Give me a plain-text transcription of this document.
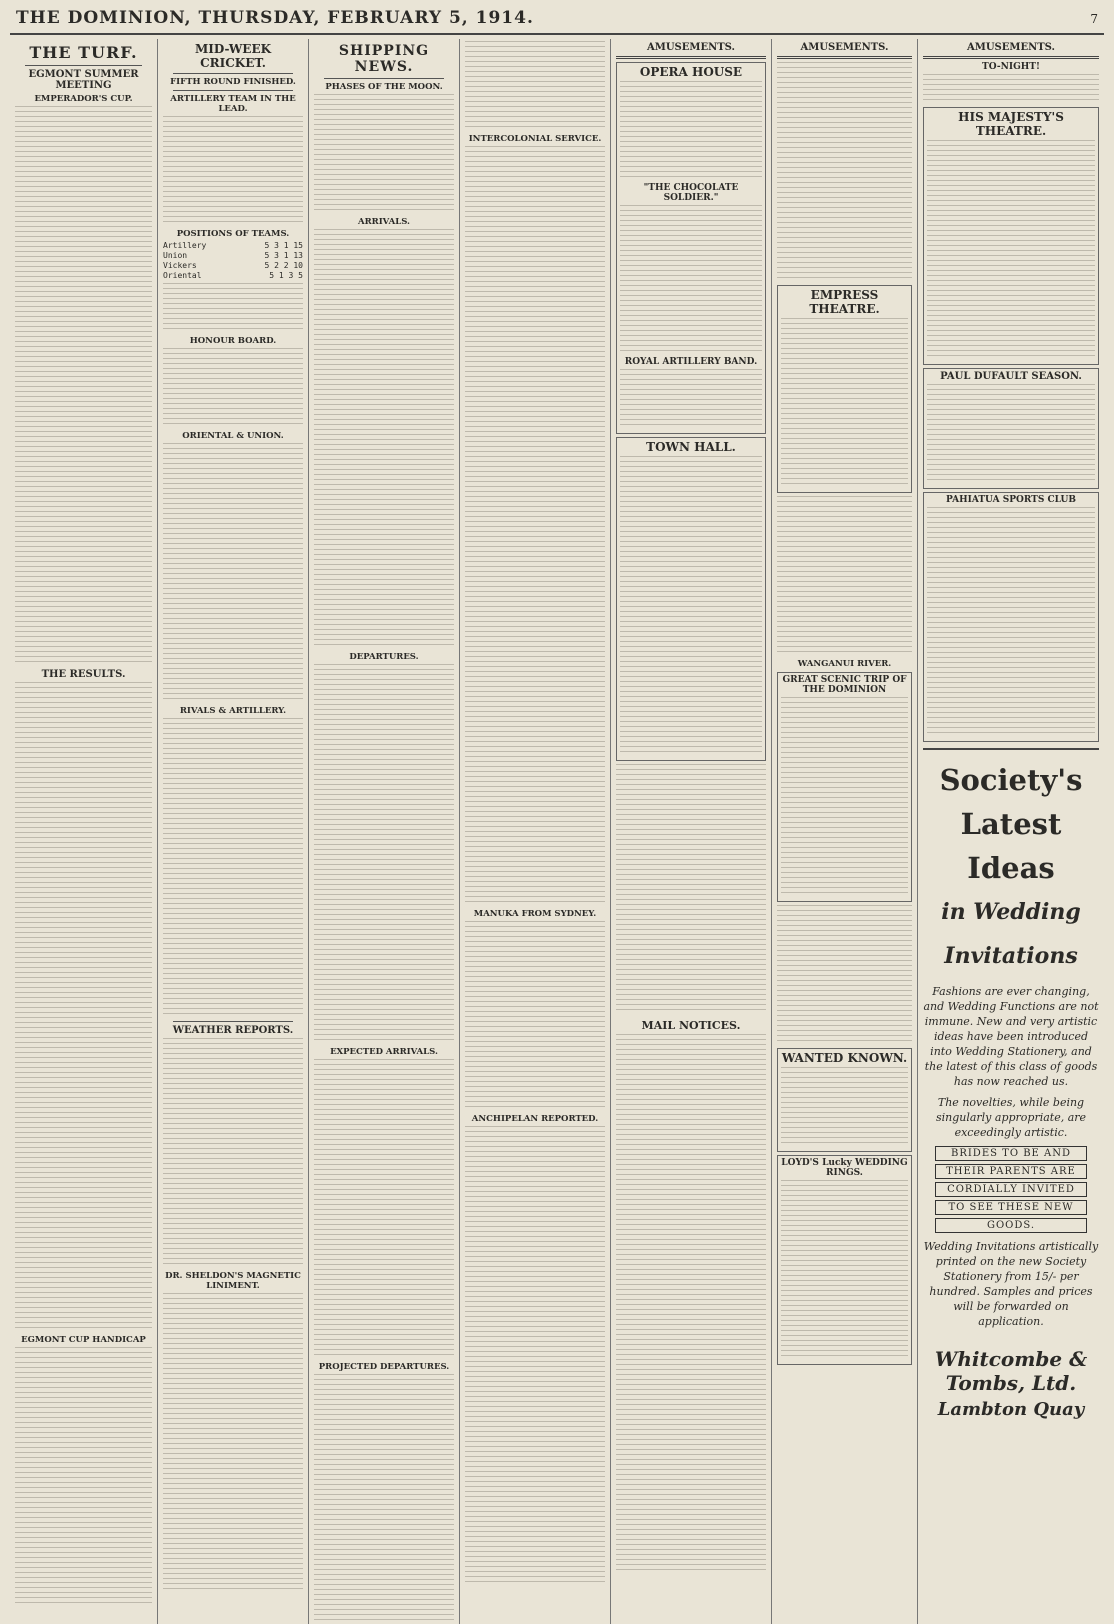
THE DOMINION, THURSDAY, FEBRUARY 5, 1914.	7
THE TURF.
EGMONT SUMMER MEETING
EMPERADOR'S CUP.
THE RESULTS.
EGMONT CUP HANDICAP
MID-WEEK CRICKET.
FIFTH ROUND FINISHED.
ARTILLERY TEAM IN THE LEAD.
POSITIONS OF TEAMS.
Artillery	5 3 1 15
Union	5 3 1 13
Vickers	5 2 2 10
Oriental	5 1 3 5
HONOUR BOARD.
ORIENTAL & UNION.
RIVALS & ARTILLERY.
WEATHER REPORTS.
DR. SHELDON'S MAGNETIC LINIMENT.
SHIPPING NEWS.
PHASES OF THE MOON.
ARRIVALS.
DEPARTURES.
EXPECTED ARRIVALS.
PROJECTED DEPARTURES.
INTERCOLONIAL SERVICE.
MANUKA FROM SYDNEY.
ANCHIPELAN REPORTED.
AMUSEMENTS.
OPERA HOUSE
"THE CHOCOLATE SOLDIER."
ROYAL ARTILLERY BAND.
TOWN HALL.
MAIL NOTICES.
AMUSEMENTS.
EMPRESS THEATRE.
WANGANUI RIVER.
GREAT SCENIC TRIP OF THE DOMINION
WANTED KNOWN.
LOYD'S Lucky WEDDING RINGS.
AMUSEMENTS.
TO-NIGHT!
HIS MAJESTY'S THEATRE.
PAUL DUFAULT SEASON.
PAHIATUA SPORTS CLUB
Society's Latest Ideas
in Wedding Invitations
Fashions are ever changing, and Wedding Functions are not immune. New and very artistic ideas have been introduced into Wedding Stationery, and the latest of this class of goods has now reached us.
The novelties, while being singularly appropriate, are exceedingly artistic.
BRIDES TO BE AND
THEIR PARENTS ARE
CORDIALLY INVITED
TO SEE THESE NEW
GOODS.
Wedding Invitations artistically printed on the new Society Stationery from 15/- per hundred. Samples and prices will be forwarded on application.
Whitcombe & Tombs, Ltd.
Lambton Quay
